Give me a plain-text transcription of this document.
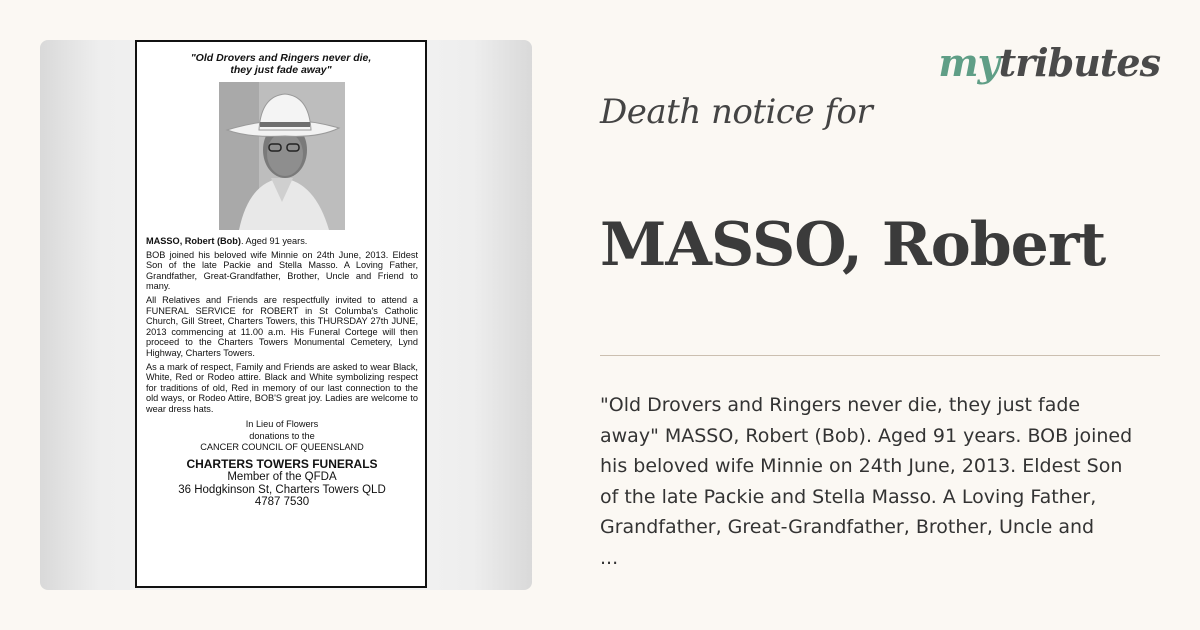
"Old Drovers and Ringers never die,
they just fade away"

MASSO, Robert (Bob). Aged 91 years.

BOB joined his beloved wife Minnie on 24th June, 2013. Eldest Son of the late Packie and Stella Masso. A Loving Father, Grandfather, Great-Grandfather, Brother, Uncle and Friend to many.

All Relatives and Friends are respectfully invited to attend a FUNERAL SERVICE for ROBERT in St Columba's Catholic Church, Gill Street, Charters Towers, this THURSDAY 27th JUNE, 2013 commencing at 11.00 a.m. His Funeral Cortege will then proceed to the Charters Towers Monumental Cemetery, Lynd Highway, Charters Towers.

As a mark of respect, Family and Friends are asked to wear Black, White, Red or Rodeo attire. Black and White symbolizing respect for traditions of old, Red in memory of our last connection to the old ways, or Rodeo Attire, BOB'S great joy. Ladies are welcome to wear dress hats.

In Lieu of Flowers
donations to the
CANCER COUNCIL OF QUEENSLAND
CHARTERS TOWERS FUNERALS
Member of the QFDA
36 Hodgkinson St, Charters Towers QLD
4787 7530
mytributes
Death notice for
MASSO, Robert
"Old Drovers and Ringers never die, they just fade
away" MASSO, Robert (Bob). Aged 91 years. BOB joined
his beloved wife Minnie on 24th June, 2013. Eldest Son
of the late Packie and Stella Masso. A Loving Father,
Grandfather, Great-Grandfather, Brother, Uncle and
...
